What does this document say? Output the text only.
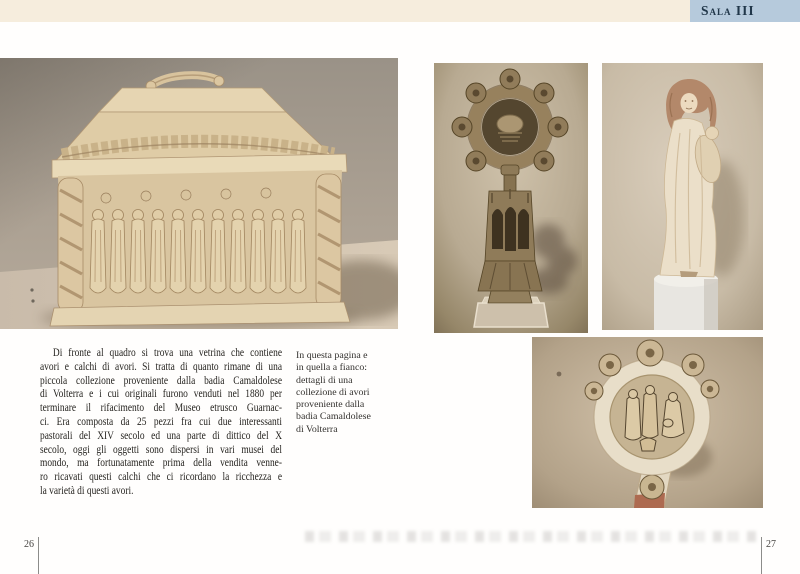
Sala III
Di fronte al quadro si trova una vetrina che contiene
avori e calchi di avori. Si tratta di quanto rimane di una
piccola collezione proveniente dalla badia Camaldolese
di Volterra e i cui originali furono venduti nel 1880 per
terminare il rifacimento del Museo etrusco Guarnac-
ci. Era composta da 25 pezzi fra cui due interessanti
pastorali del XIV secolo ed una parte di dittico del X
secolo, oggi gli oggetti sono dispersi in vari musei del
mondo, ma fortunatamente prima della vendita venne-
ro ricavati questi calchi che ci ricordano la ricchezza e
la varietà di questi avori.
In questa pagina e
in quella a fianco:
dettagli di una
collezione di avori
proveniente dalla
badia Camaldolese
di Volterra
26	27
